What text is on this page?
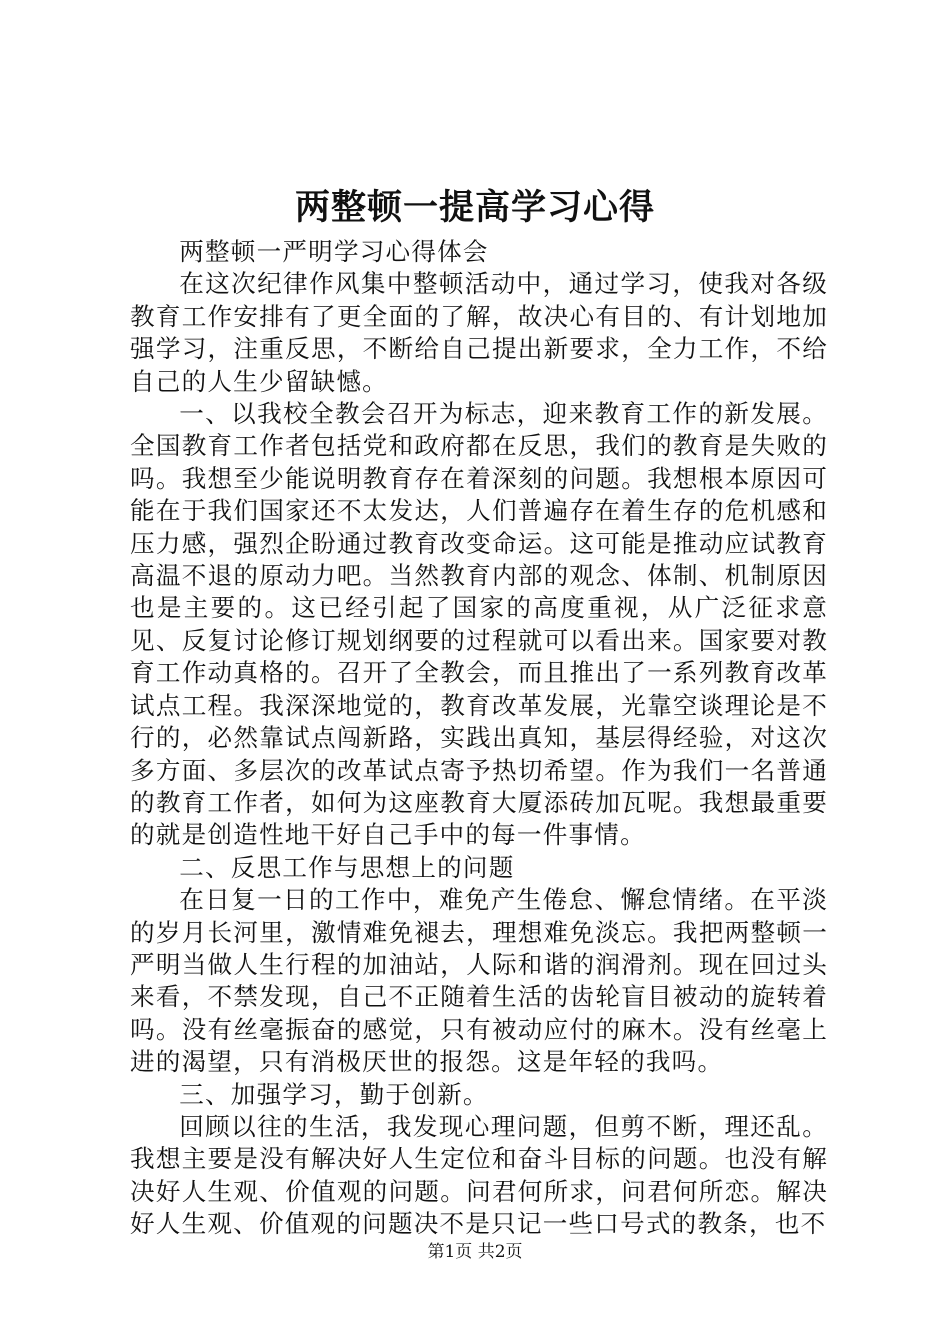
两整顿一提高学习心得

两整顿一严明学习心得体会

在这次纪律作风集中整顿活动中，通过学习，使我对各级教育工作安排有了更全面的了解，故决心有目的、有计划地加强学习，注重反思，不断给自己提出新要求，全力工作，不给自己的人生少留缺憾。

一、以我校全教会召开为标志，迎来教育工作的新发展。全国教育工作者包括党和政府都在反思，我们的教育是失败的吗。我想至少能说明教育存在着深刻的问题。我想根本原因可能在于我们国家还不太发达，人们普遍存在着生存的危机感和压力感，强烈企盼通过教育改变命运。这可能是推动应试教育高温不退的原动力吧。当然教育内部的观念、体制、机制原因也是主要的。这已经引起了国家的高度重视，从广泛征求意见、反复讨论修订规划纲要的过程就可以看出来。国家要对教育工作动真格的。召开了全教会，而且推出了一系列教育改革试点工程。我深深地觉的，教育改革发展，光靠空谈理论是不行的，必然靠试点闯新路，实践出真知，基层得经验，对这次多方面、多层次的改革试点寄予热切希望。作为我们一名普通的教育工作者，如何为这座教育大厦添砖加瓦呢。我想最重要的就是创造性地干好自己手中的每一件事情。

二、反思工作与思想上的问题

在日复一日的工作中，难免产生倦怠、懈怠情绪。在平淡的岁月长河里，激情难免褪去，理想难免淡忘。我把两整顿一严明当做人生行程的加油站，人际和谐的润滑剂。现在回过头来看，不禁发现，自己不正随着生活的齿轮盲目被动的旋转着吗。没有丝毫振奋的感觉，只有被动应付的麻木。没有丝毫上进的渴望，只有消极厌世的报怨。这是年轻的我吗。

三、加强学习，勤于创新。

回顾以往的生活，我发现心理问题，但剪不断，理还乱。我想主要是没有解决好人生定位和奋斗目标的问题。也没有解决好人生观、价值观的问题。问君何所求，问君何所恋。解决好人生观、价值观的问题决不是只记一些口号式的教条，也不

第1页 共2页
